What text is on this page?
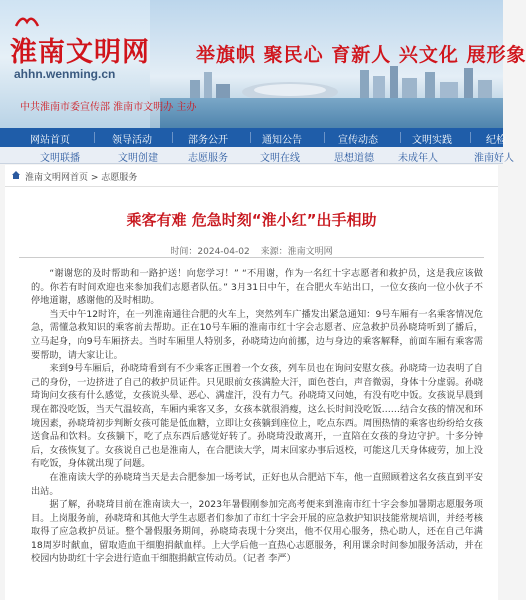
淮南文明网
ahhn.wenming.cn
中共淮南市委宣传部 淮南市文明办 主办
举旗帜 聚民心 育新人 兴文化 展形象
网站首页	领导活动	部务公开	通知公告	宣传动态	文明实践	纪检
文明联播	文明创建	志愿服务	文明在线	思想道德 未成年人	淮南好人
淮南文明网首页 > 志愿服务
乘客有难 危急时刻“淮小红”出手相助
时间：2024-04-02 来源：淮南文明网

“谢谢您的及时帮助和一路护送！向您学习！” “不用谢，作为一名红十字志愿者和救护员，这是我应该做的。你若有时间欢迎也来参加我们志愿者队伍。” 3月31日中午，在合肥火车站出口，一位女孩向一位小伙子不停地道谢，感谢他的及时相助。

当天中午12时许，在一列淮南通往合肥的火车上，突然列车广播发出紧急通知：9号车厢有一名乘客情况危急，需懂急救知识的乘客前去帮助。正在10号车厢的淮南市红十字会志愿者、应急救护员孙晓琦听到了播后，立马起身，向9号车厢挤去。当时车厢里人特别多，孙晓琦边向前挪，边与身边的乘客解释，前面车厢有乘客需要帮助，请大家让让。

来到9号车厢后，孙晓琦看到有不少乘客正围着一个女孩，列车员也在询问安慰女孩。孙晓琦一边表明了自己的身份，一边挤进了自己的救护员证件。只见眼前女孩满脸大汗，面色苍白，声音微弱，身体十分虚弱。孙晓琦询问女孩有什么感觉，女孩说头晕、恶心、满虚汗，没有力气。孙晓琦又问她，有没有吃中饭。女孩说早晨到现在都没吃饭，当天气温较高，车厢内乘客又多，女孩本就很消瘦，这么长时间没吃饭……结合女孩的情况和环境因素，孙晓琦初步判断女孩可能是低血糖，立即让女孩躺到座位上，吃点东西。周围热情的乘客也纷纷给女孩送食品和饮料。女孩躺下，吃了点东西后感觉好转了。孙晓琦没敢离开，一直陪在女孩的身边守护。十多分钟后，女孩恢复了。女孩说自己也是淮南人，在合肥读大学，周末回家办事后返校，可能这几天身体疲劳，加上没有吃饭，身体就出现了问题。

在淮南读大学的孙晓琦当天是去合肥参加一场考试，正好也从合肥站下车，他一直照顾着这名女孩直到平安出站。

据了解，孙晓琦目前在淮南读大一，2023年暑假刚参加完高考便来到淮南市红十字会参加暑期志愿服务项目。上岗服务前，孙晓琦和其他大学生志愿者们参加了市红十字会开展的应急救护知识技能常规培训，并经考核取得了应急救护员证。整个暑假服务期间，孙晓琦表现十分突出，他不仅用心服务，热心助人，还在自己年满18周岁时献血，留取造血干细胞捐献血样。上大学后他一直热心志愿服务，利用课余时间参加服务活动，并在校园内协助红十字会进行造血干细胞捐献宣传动员。（记者 李严）
